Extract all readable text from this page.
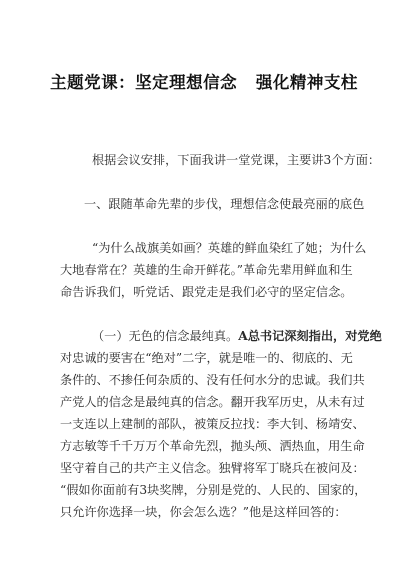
主题党课：坚定理想信念   强化精神支柱
根据会议安排，下面我讲一堂党课，主要讲3个方面：
一、跟随革命先辈的步伐，理想信念使最亮丽的底色
“为什么战旗美如画？英雄的鲜血染红了她；为什么
大地春常在？英雄的生命开鲜花。”革命先辈用鲜血和生
命告诉我们，听党话、跟党走是我们必守的坚定信念。
（一）无色的信念最纯真。A总书记深刻指出，对党绝
对忠诚的要害在“绝对”二字，就是唯一的、彻底的、无
条件的、不掺任何杂质的、没有任何水分的忠诚。我们共
产党人的信念是最纯真的信念。翻开我军历史，从未有过
一支连以上建制的部队，被策反拉找：李大钊、杨靖安、
方志敏等千千万万个革命先烈，抛头颅、洒热血，用生命
坚守着自己的共产主义信念。独臂将军丁晓兵在被问及：
“假如你面前有3块奖牌，分别是党的、人民的、国家的，
只允许你选择一块，你会怎么选？”他是这样回答的：
